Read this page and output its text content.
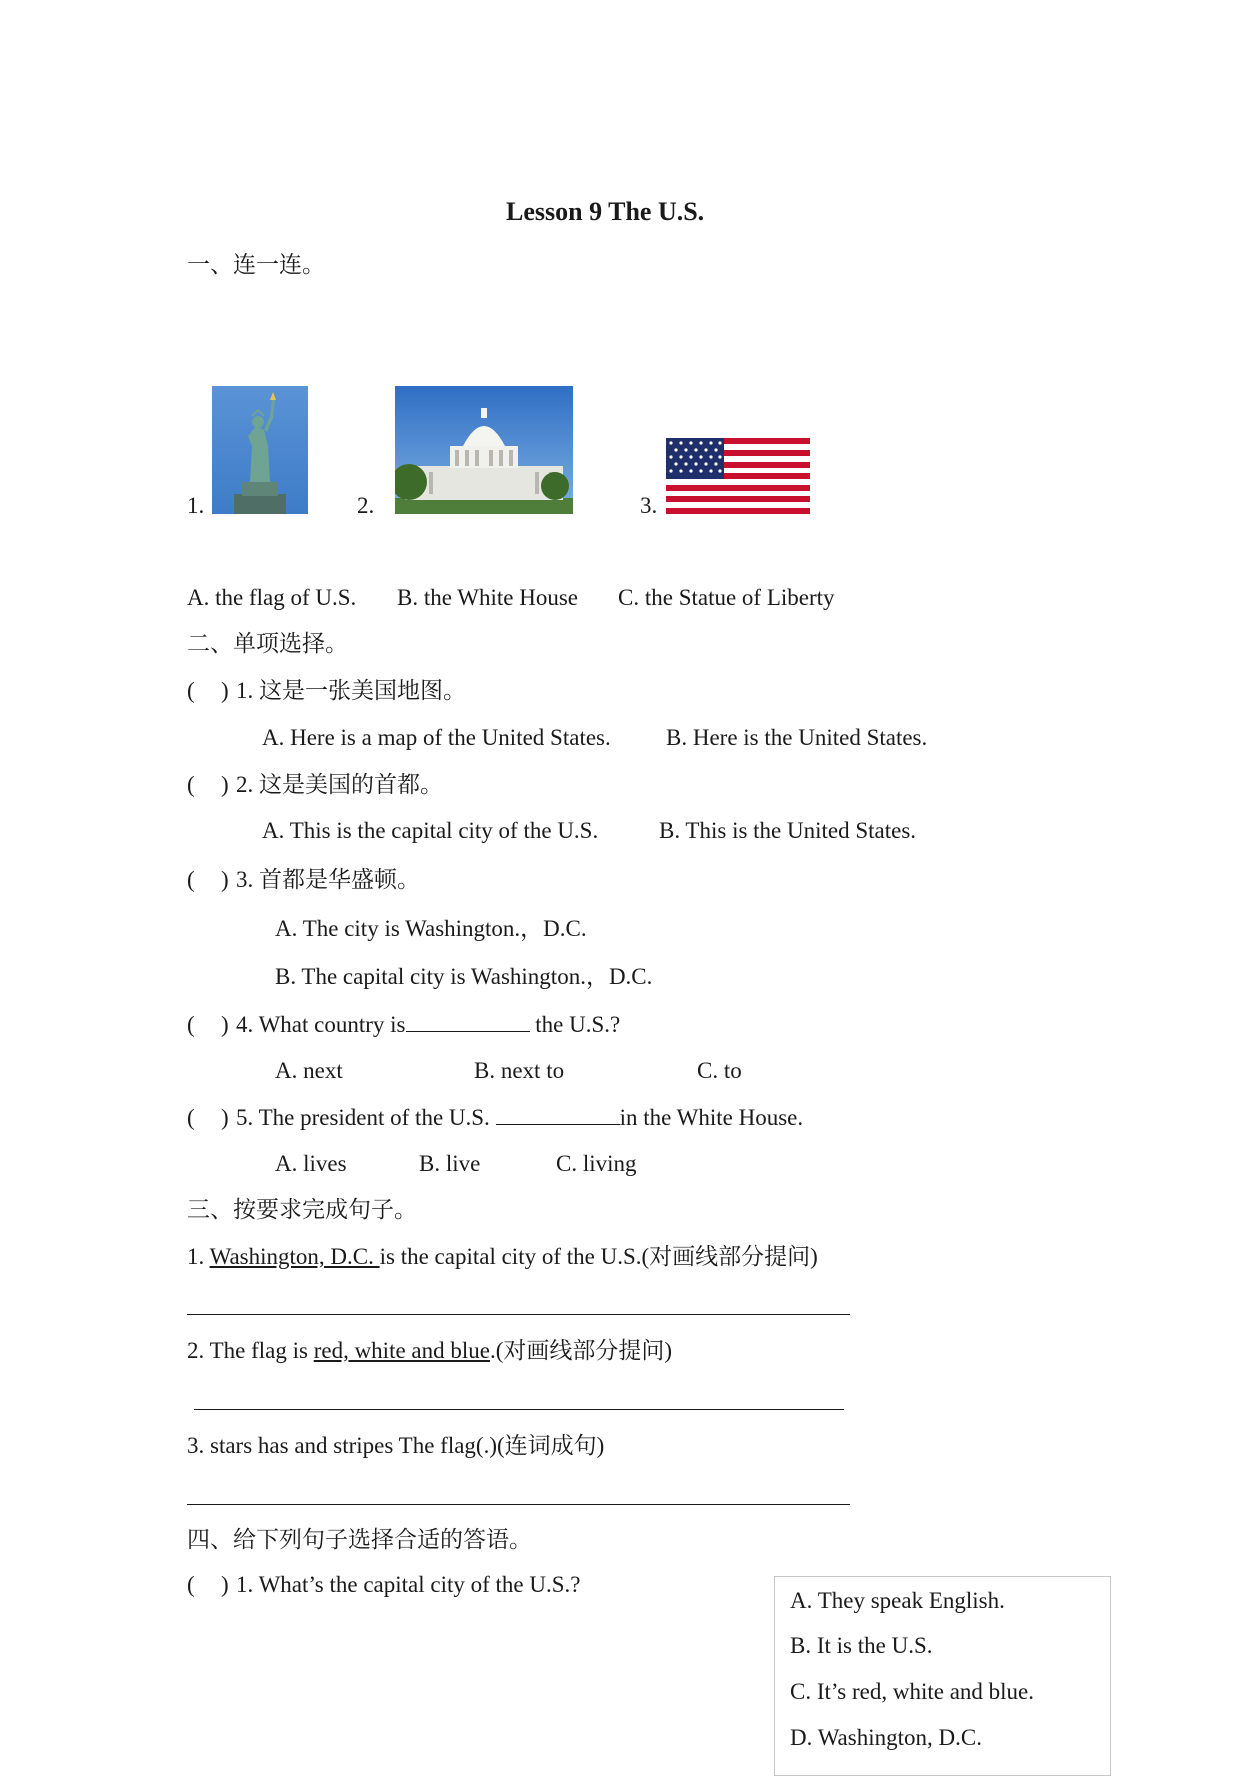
Lesson 9 The U.S.
一、连一连。
1.	2.	3.
A. the flag of U.S. B. the White House C. the Statue of Liberty
二、单项选择。
( ) 1. 这是一张美国地图。
A. Here is a map of the United States. B. Here is the United States.
( ) 2. 这是美国的首都。
A. This is the capital city of the U.S.	B. This is the United States.
( ) 3. 首都是华盛顿。
A. The city is Washington.，D.C.
B. The capital city is Washington.，D.C.
( ) 4. What country is	the U.S.?
A. next	B. next to	C. to
( ) 5. The president of the U.S.	in the White House.
A. lives	B. live	C. living
三、按要求完成句子。
1. Washington, D.C. is the capital city of the U.S.(对画线部分提问)
2. The flag is red, white and blue.(对画线部分提问)
3. stars has and stripes The flag(.)(连词成句)
四、给下列句子选择合适的答语。
( ) 1. What’s the capital city of the U.S.?
A. They speak English.
B. It is the U.S.
C. It’s red, white and blue.
D. Washington, D.C.
